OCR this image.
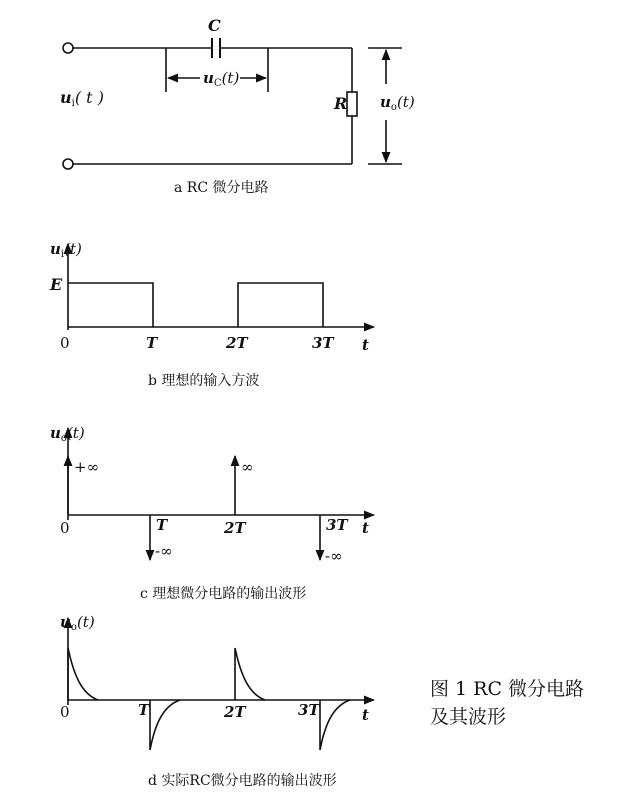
C
$u_C(t)$
R
ui( t )	$u_o(t)$
a RC 微分电路
$u_i(t)$
E
0	T	2T	3T t
b 理想的输入方波
$u_o(t)$
+∞
-∞
∞
-∞
0	T	2T	3T t
c 理想微分电路的输出波形
$u_o(t)$
0	T	2T	3T	t
d 实际RC微分电路的输出波形
图 1 RC 微分电路
及其波形
